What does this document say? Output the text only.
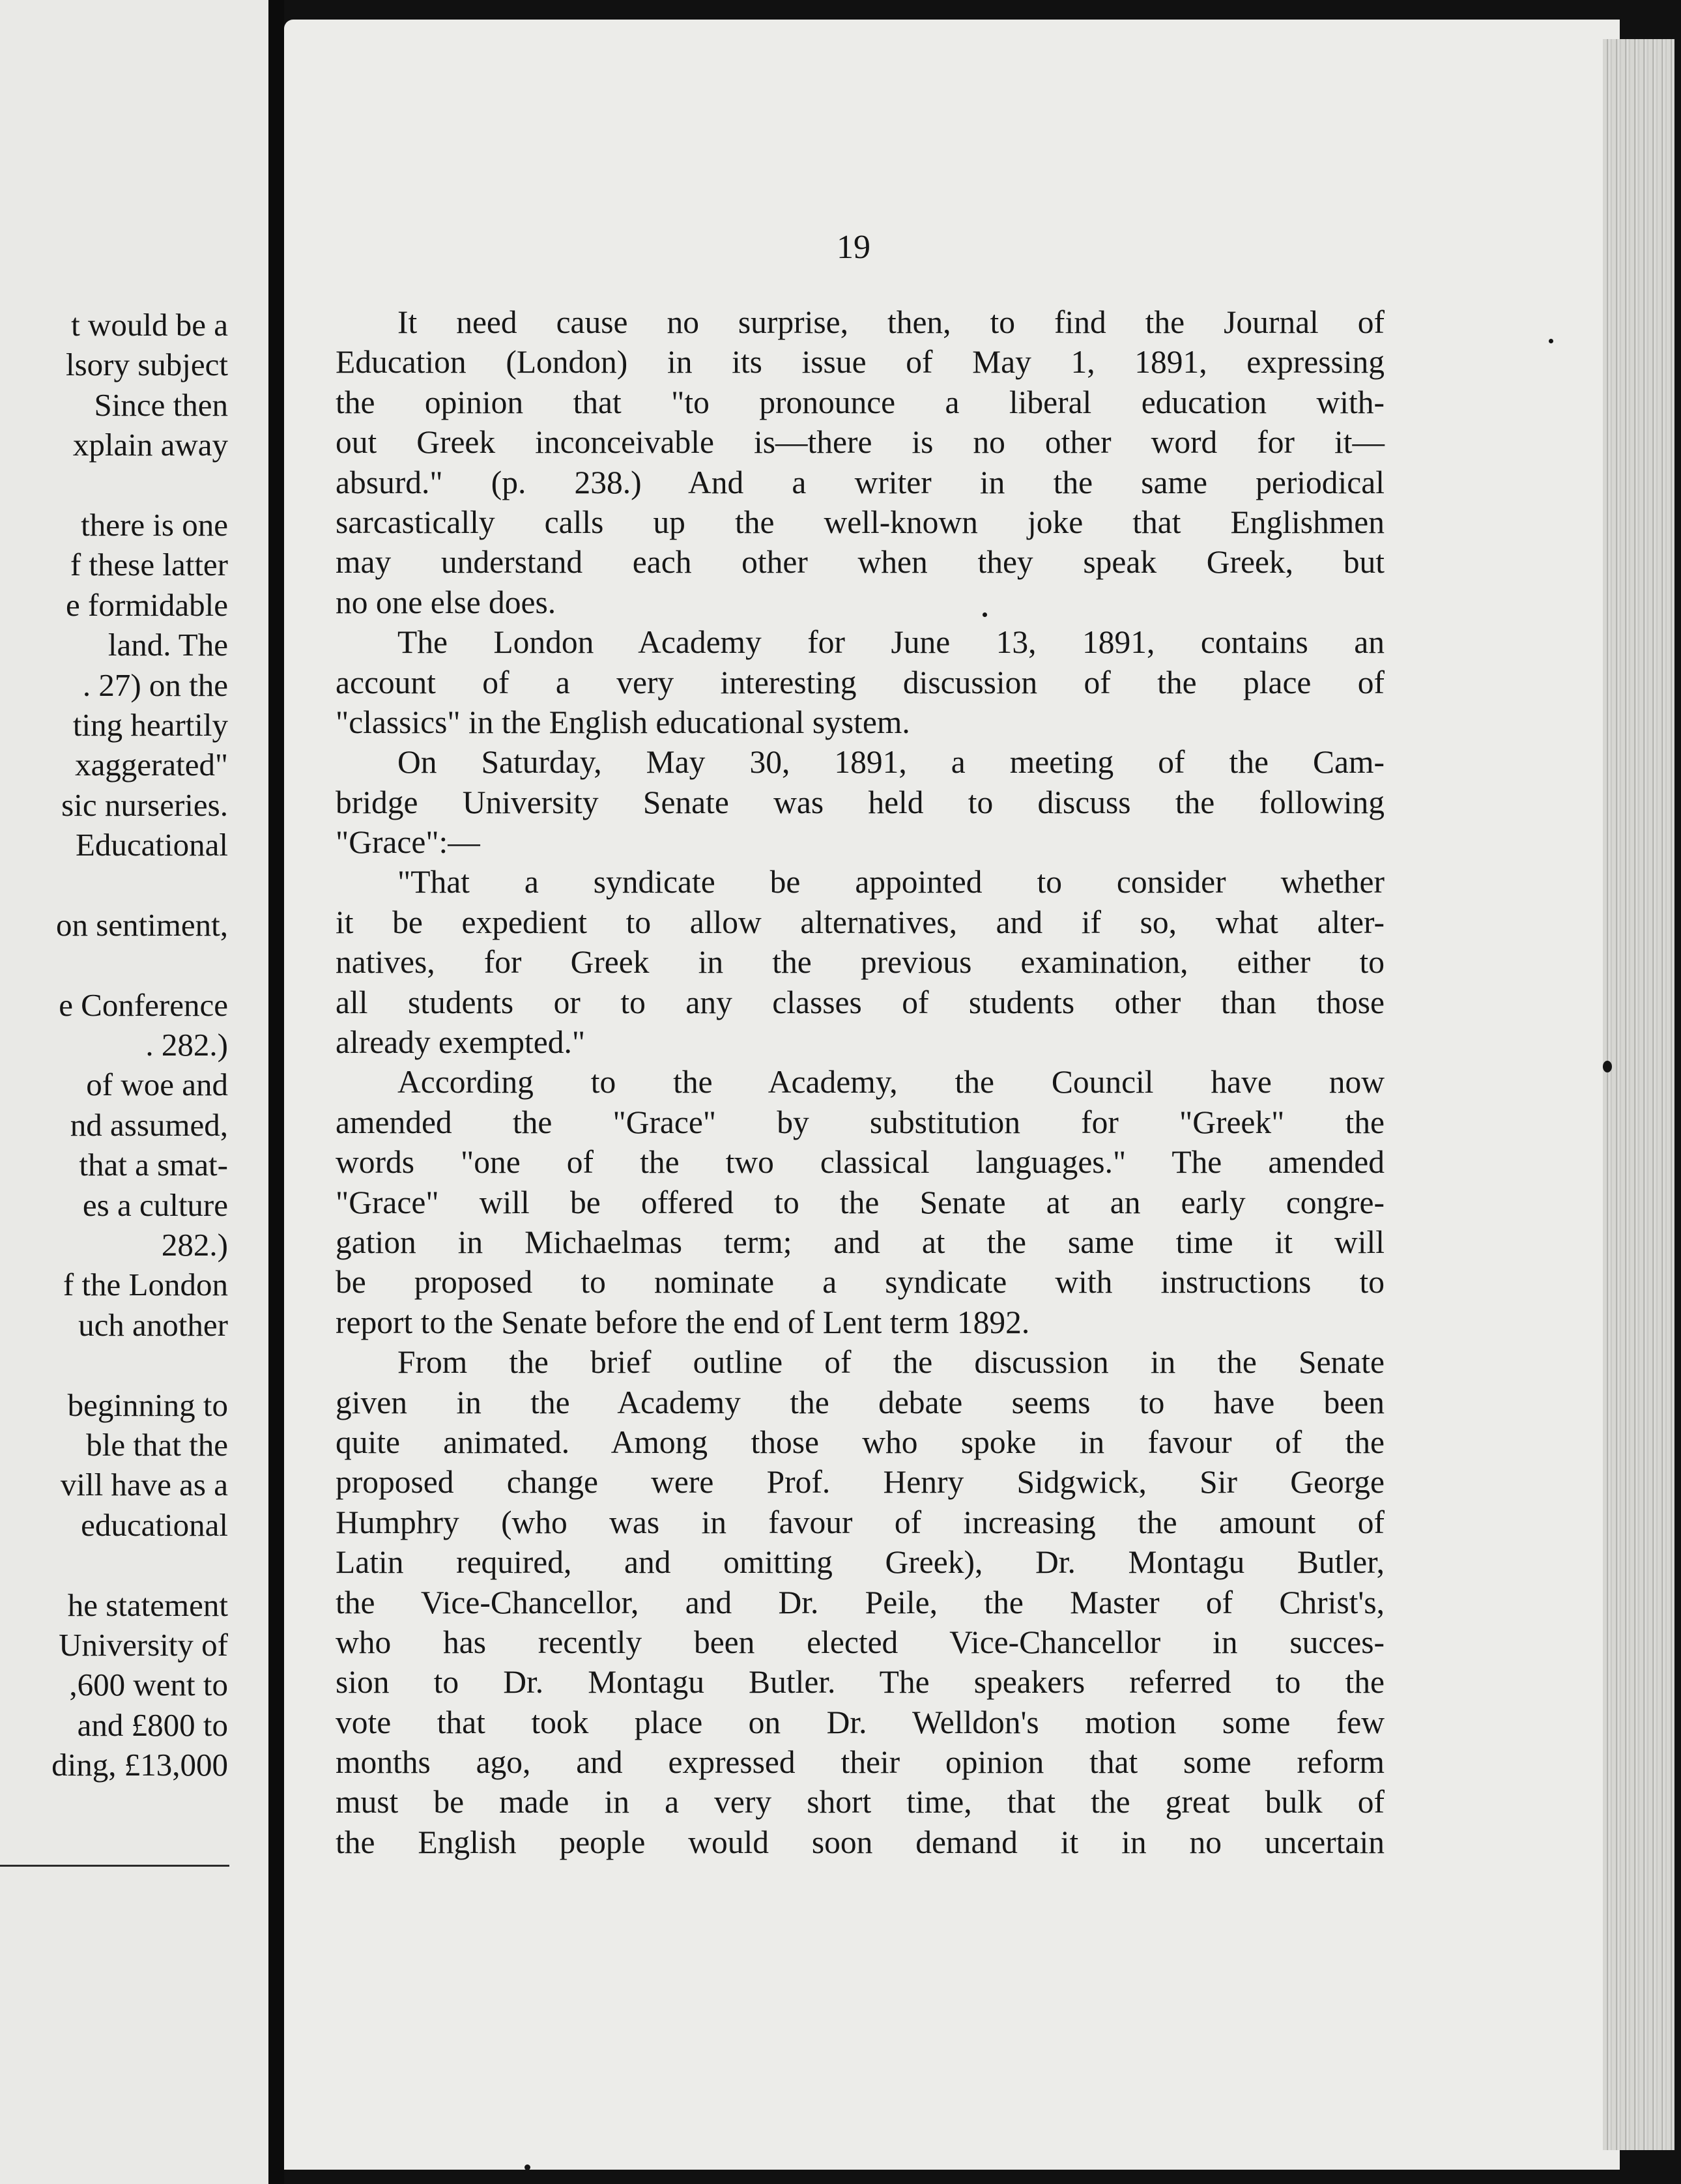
t would be a
lsory subject
Since then
xplain away
there is one
f these latter
e formidable
land. The
. 27) on the
ting heartily
xaggerated"
sic nurseries.
Educational
on sentiment,
e Conference
. 282.)
of woe and
nd assumed,
that a smat-
es a culture
282.)
f the London
uch another
beginning to
ble that the
vill have as a
educational
he statement
University of
,600 went to
and £800 to
ding, £13,000
19
It need cause no surprise, then, to find the Journal of
Education (London) in its issue of May 1, 1891, expressing
the opinion that "to pronounce a liberal education with-
out Greek inconceivable is—there is no other word for it—
absurd." (p. 238.) And a writer in the same periodical
sarcastically calls up the well-known joke that Englishmen
may understand each other when they speak Greek, but
no one else does.
The London Academy for June 13, 1891, contains an
account of a very interesting discussion of the place of
"classics" in the English educational system.
On Saturday, May 30, 1891, a meeting of the Cam-
bridge University Senate was held to discuss the following
"Grace":—
"That a syndicate be appointed to consider whether
it be expedient to allow alternatives, and if so, what alter-
natives, for Greek in the previous examination, either to
all students or to any classes of students other than those
already exempted."
According to the Academy, the Council have now
amended the "Grace" by substitution for "Greek" the
words "one of the two classical languages." The amended
"Grace" will be offered to the Senate at an early congre-
gation in Michaelmas term; and at the same time it will
be proposed to nominate a syndicate with instructions to
report to the Senate before the end of Lent term 1892.
From the brief outline of the discussion in the Senate
given in the Academy the debate seems to have been
quite animated. Among those who spoke in favour of the
proposed change were Prof. Henry Sidgwick, Sir George
Humphry (who was in favour of increasing the amount of
Latin required, and omitting Greek), Dr. Montagu Butler,
the Vice-Chancellor, and Dr. Peile, the Master of Christ's,
who has recently been elected Vice-Chancellor in succes-
sion to Dr. Montagu Butler. The speakers referred to the
vote that took place on Dr. Welldon's motion some few
months ago, and expressed their opinion that some reform
must be made in a very short time, that the great bulk of
the English people would soon demand it in no uncertain
